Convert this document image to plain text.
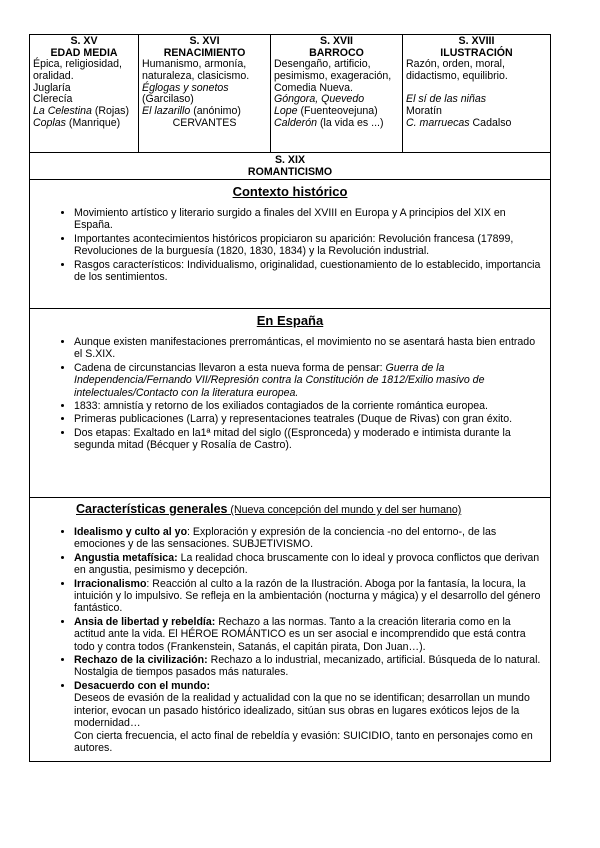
S. XV
EDAD MEDIA
Épica, religiosidad, oralidad.
Juglaría
Clerecía
La Celestina (Rojas)
Coplas (Manrique)

S. XVI
RENACIMIENTO
Humanismo, armonía, naturaleza, clasicismo.
Églogas y sonetos
(Garcilaso)
El lazarillo (anónimo)
CERVANTES

S. XVII
BARROCO
Desengaño, artificio, pesimismo, exageración, Comedia Nueva.
Góngora, Quevedo
Lope (Fuenteovejuna)
Calderón (la vida es ...)

S. XVIII
ILUSTRACIÓN
Razón, orden, moral, didactismo, equilibrio.
El sí de las niñas
Moratín
C. marruecas Cadalso

S. XIX
ROMANTICISMO
Contexto histórico
• Movimiento artístico y literario surgido a finales del XVIII en Europa y A principios del XIX en España.
• Importantes acontecimientos históricos propiciaron su aparición: Revolución francesa (17899, Revoluciones de la burguesía (1820, 1830, 1834) y la Revolución industrial.
• Rasgos característicos: Individualismo, originalidad, cuestionamiento de lo establecido, importancia de los sentimientos.
En España
• Aunque existen manifestaciones prerrománticas, el movimiento no se asentará hasta bien entrado el S.XIX.
• Cadena de circunstancias llevaron a esta nueva forma de pensar: Guerra de la Independencia/Fernando VII/Represión contra la Constitución de 1812/Exilio masivo de intelectuales/Contacto con la literatura europea.
• 1833: amnistía y retorno de los exiliados contagiados de la corriente romántica europea.
• Primeras publicaciones (Larra) y representaciones teatrales (Duque de Rivas) con gran éxito.
• Dos etapas: Exaltado en la1ª mitad del siglo ((Espronceda) y moderado e intimista durante la segunda mitad (Bécquer y Rosalía de Castro).
Características generales (Nueva concepción del mundo y del ser humano)
• Idealismo y culto al yo: Exploración y expresión de la conciencia -no del entorno-, de las emociones y de las sensaciones. SUBJETIVISMO.
• Angustia metafísica: La realidad choca bruscamente con lo ideal y provoca conflictos que derivan en angustia, pesimismo y decepción.
• Irracionalismo: Reacción al culto a la razón de la Ilustración. Aboga por la fantasía, la locura, la intuición y lo impulsivo. Se refleja en la ambientación (nocturna y mágica) y el desarrollo del género fantástico.
• Ansia de libertad y rebeldía: Rechazo a las normas. Tanto a la creación literaria como en la actitud ante la vida. El HÉROE ROMÁNTICO es un ser asocial e incomprendido que está contra todo y contra todos (Frankenstein, Satanás, el capitán pirata, Don Juan…).
• Rechazo de la civilización: Rechazo a lo industrial, mecanizado, artificial. Búsqueda de lo natural. Nostalgia de tiempos pasados más naturales.
• Desacuerdo con el mundo:
Deseos de evasión de la realidad y actualidad con la que no se identifican; desarrollan un mundo interior, evocan un pasado histórico idealizado, sitúan sus obras en lugares exóticos lejos de la modernidad…
Con cierta frecuencia, el acto final de rebeldía y evasión: SUICIDIO, tanto en personajes como en autores.
